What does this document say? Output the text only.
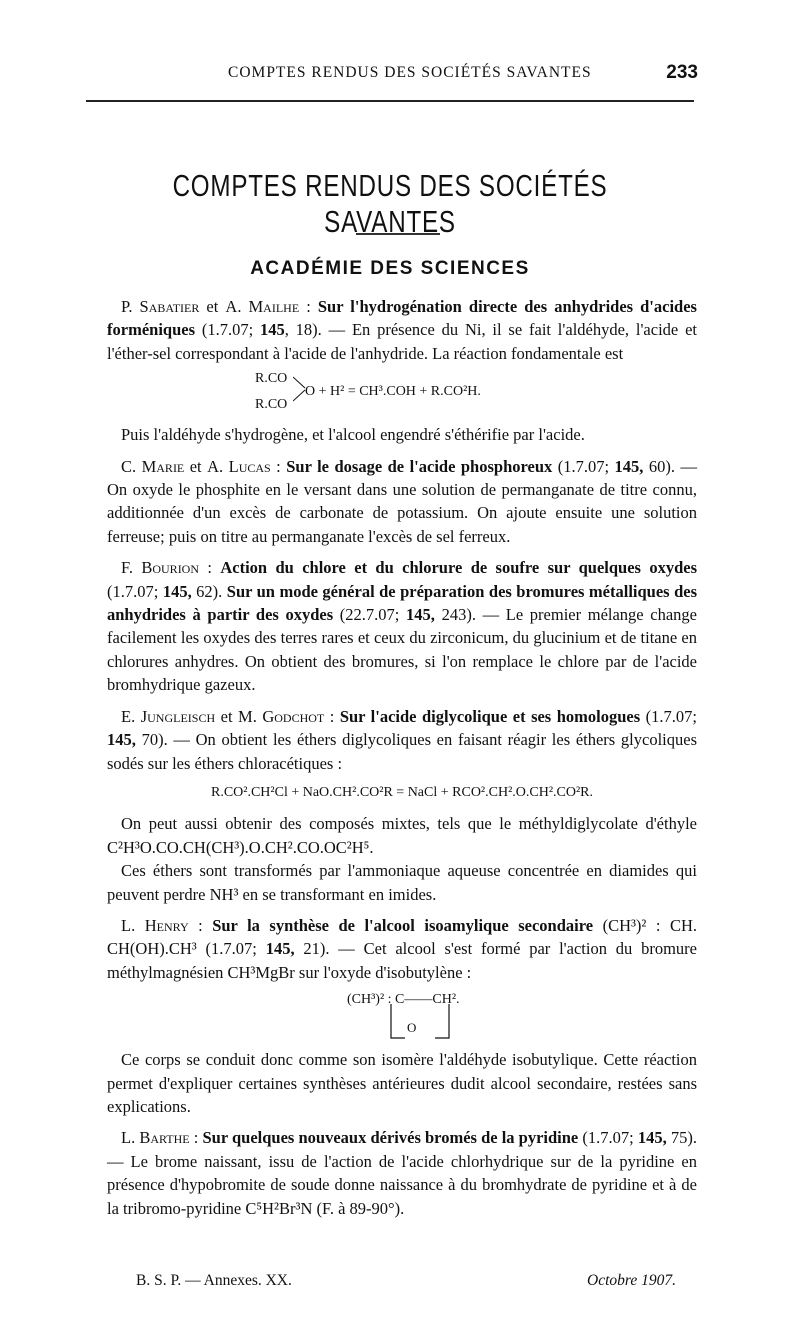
COMPTES RENDUS DES SOCIÉTÉS SAVANTES	233
COMPTES RENDUS DES SOCIÉTÉS SAVANTES
ACADÉMIE DES SCIENCES

P. Sabatier et A. Mailhe : Sur l'hydrogénation directe des anhydrides d'acides forméniques (1.7.07; 145, 18). — En présence du Ni, il se fait l'aldéhyde, l'acide et l'éther-sel correspondant à l'acide de l'anhydride. La réaction fondamentale est

R.CO
R.CO
O + H² = CH³.COH + R.CO²H.

Puis l'aldéhyde s'hydrogène, et l'alcool engendré s'éthérifie par l'acide.

C. Marie et A. Lucas : Sur le dosage de l'acide phosphoreux (1.7.07; 145, 60). — On oxyde le phosphite en le versant dans une solution de permanganate de titre connu, additionnée d'un excès de carbonate de potassium. On ajoute ensuite une solution ferreuse; puis on titre au permanganate l'excès de sel ferreux.

F. Bourion : Action du chlore et du chlorure de soufre sur quelques oxydes (1.7.07; 145, 62). Sur un mode général de préparation des bromures métalliques des anhydrides à partir des oxydes (22.7.07; 145, 243). — Le premier mélange change facilement les oxydes des terres rares et ceux du zirconicum, du glucinium et de titane en chlorures anhydres. On obtient des bromures, si l'on remplace le chlore par de l'acide bromhydrique gazeux.

E. Jungleisch et M. Godchot : Sur l'acide diglycolique et ses homologues (1.7.07; 145, 70). — On obtient les éthers diglycoliques en faisant réagir les éthers glycoliques sodés sur les éthers chloracétiques :

R.CO².CH²Cl + NaO.CH².CO²R = NaCl + RCO².CH².O.CH².CO²R.

On peut aussi obtenir des composés mixtes, tels que le méthyldiglycolate d'éthyle C²H³O.CO.CH(CH³).O.CH².CO.OC²H⁵.

Ces éthers sont transformés par l'ammoniaque aqueuse concentrée en diamides qui peuvent perdre NH³ en se transformant en imides.

L. Henry : Sur la synthèse de l'alcool isoamylique secondaire (CH³)² : CH. CH(OH).CH³ (1.7.07; 145, 21). — Cet alcool s'est formé par l'action du bromure méthylmagnésien CH³MgBr sur l'oxyde d'isobutylène :

(CH³)² : C——CH².
O

Ce corps se conduit donc comme son isomère l'aldéhyde isobutylique. Cette réaction permet d'expliquer certaines synthèses antérieures dudit alcool secondaire, restées sans explications.

L. Barthe : Sur quelques nouveaux dérivés bromés de la pyridine (1.7.07; 145, 75). — Le brome naissant, issu de l'action de l'acide chlorhydrique sur de la pyridine en présence d'hypobromite de soude donne naissance à du bromhydrate de pyridine et à de la tribromo-pyridine C⁵H²Br³N (F. à 89-90°).

B. S. P. — Annexes. XX.	Octobre 1907.
